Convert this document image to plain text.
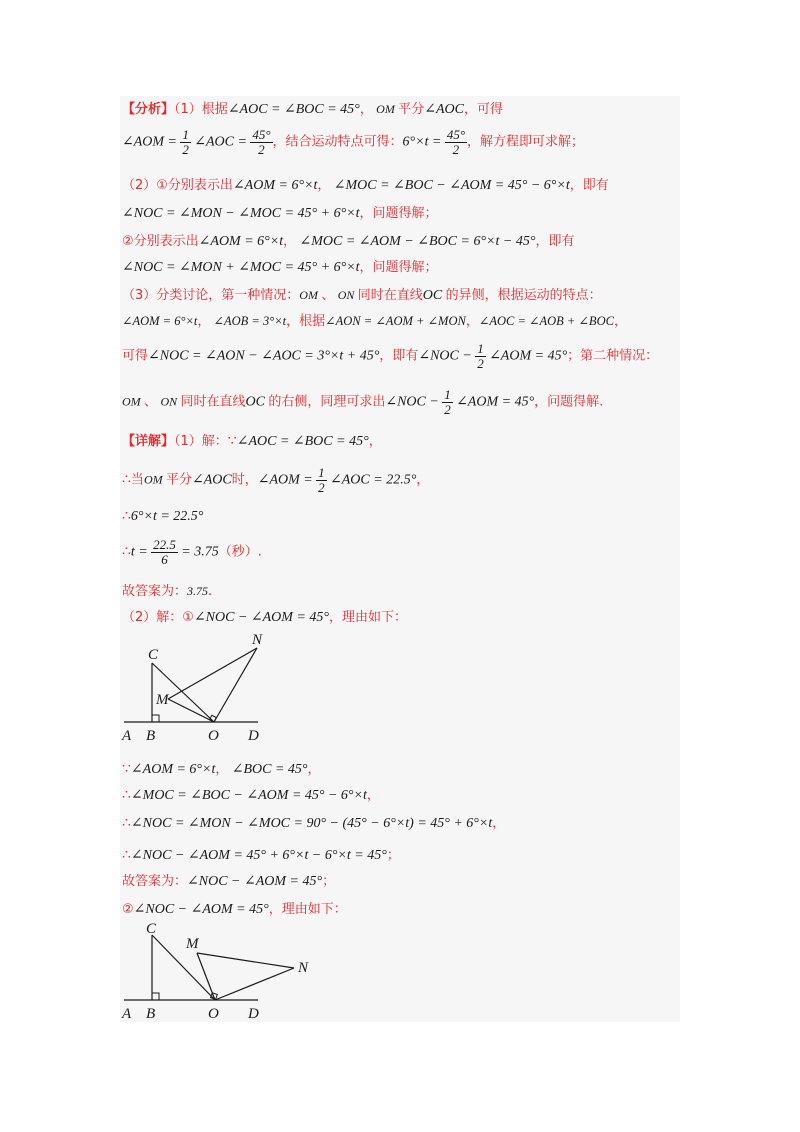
【分析】（1）根据∠AOC = ∠BOC = 45°， OM 平分∠AOC，可得
∠AOM = $\frac{1}{2}$ ∠AOC = $\frac{45^\circ}{2}$ ，结合运动特点可得：$6^\circ\times t = \frac{45^\circ}{2}$ ，解方程即可求解；
（2）①分别表示出∠AOM = 6°×t， ∠MOC = ∠BOC − ∠AOM = 45° − 6°×t，即有
∠NOC = ∠MON − ∠MOC = 45° + 6°×t，问题得解；
②分别表示出∠AOM = 6°×t， ∠MOC = ∠AOM − ∠BOC = 6°×t − 45°，即有
∠NOC = ∠MON + ∠MOC = 45° + 6°×t，问题得解；
（3）分类讨论，第一种情况：OM 、 ON 同时在直线OC 的异侧，根据运动的特点：
∠AOM = 6°×t， ∠AOB = 3°×t，根据∠AON = ∠AOM + ∠MON，∠AOC = ∠AOB + ∠BOC，
可得∠NOC = ∠AON − ∠AOC = 3°×t + 45°，即有∠NOC − $\frac{1}{2}$ ∠AOM = 45°；第二种情况：
OM 、 ON 同时在直线OC 的右侧，同理可求出∠NOC − $\frac{1}{2}$ ∠AOM = 45°，问题得解.
【详解】（1）解：∵∠AOC = ∠BOC = 45°，
∴当OM 平分∠AOC时，∠AOM = $\frac{1}{2}$ ∠AOC = 22.5°，
∴6°×t = 22.5°
∴t = $\frac{22.5}{6} = 3.75$（秒）.
故答案为：3.75.
（2）解：①∠NOC − ∠AOM = 45°，理由如下：
A B	O D
C
M
N
∵∠AOM = 6°×t， ∠BOC = 45°，
∴∠MOC = ∠BOC − ∠AOM = 45° − 6°×t，
∴∠NOC = ∠MON − ∠MOC = 90° − (45° − 6°×t) = 45° + 6°×t，
∴∠NOC − ∠AOM = 45° + 6°×t − 6°×t = 45°；
故答案为：∠NOC − ∠AOM = 45°；
②∠NOC − ∠AOM = 45°，理由如下：
A B	O D
C
M
N
